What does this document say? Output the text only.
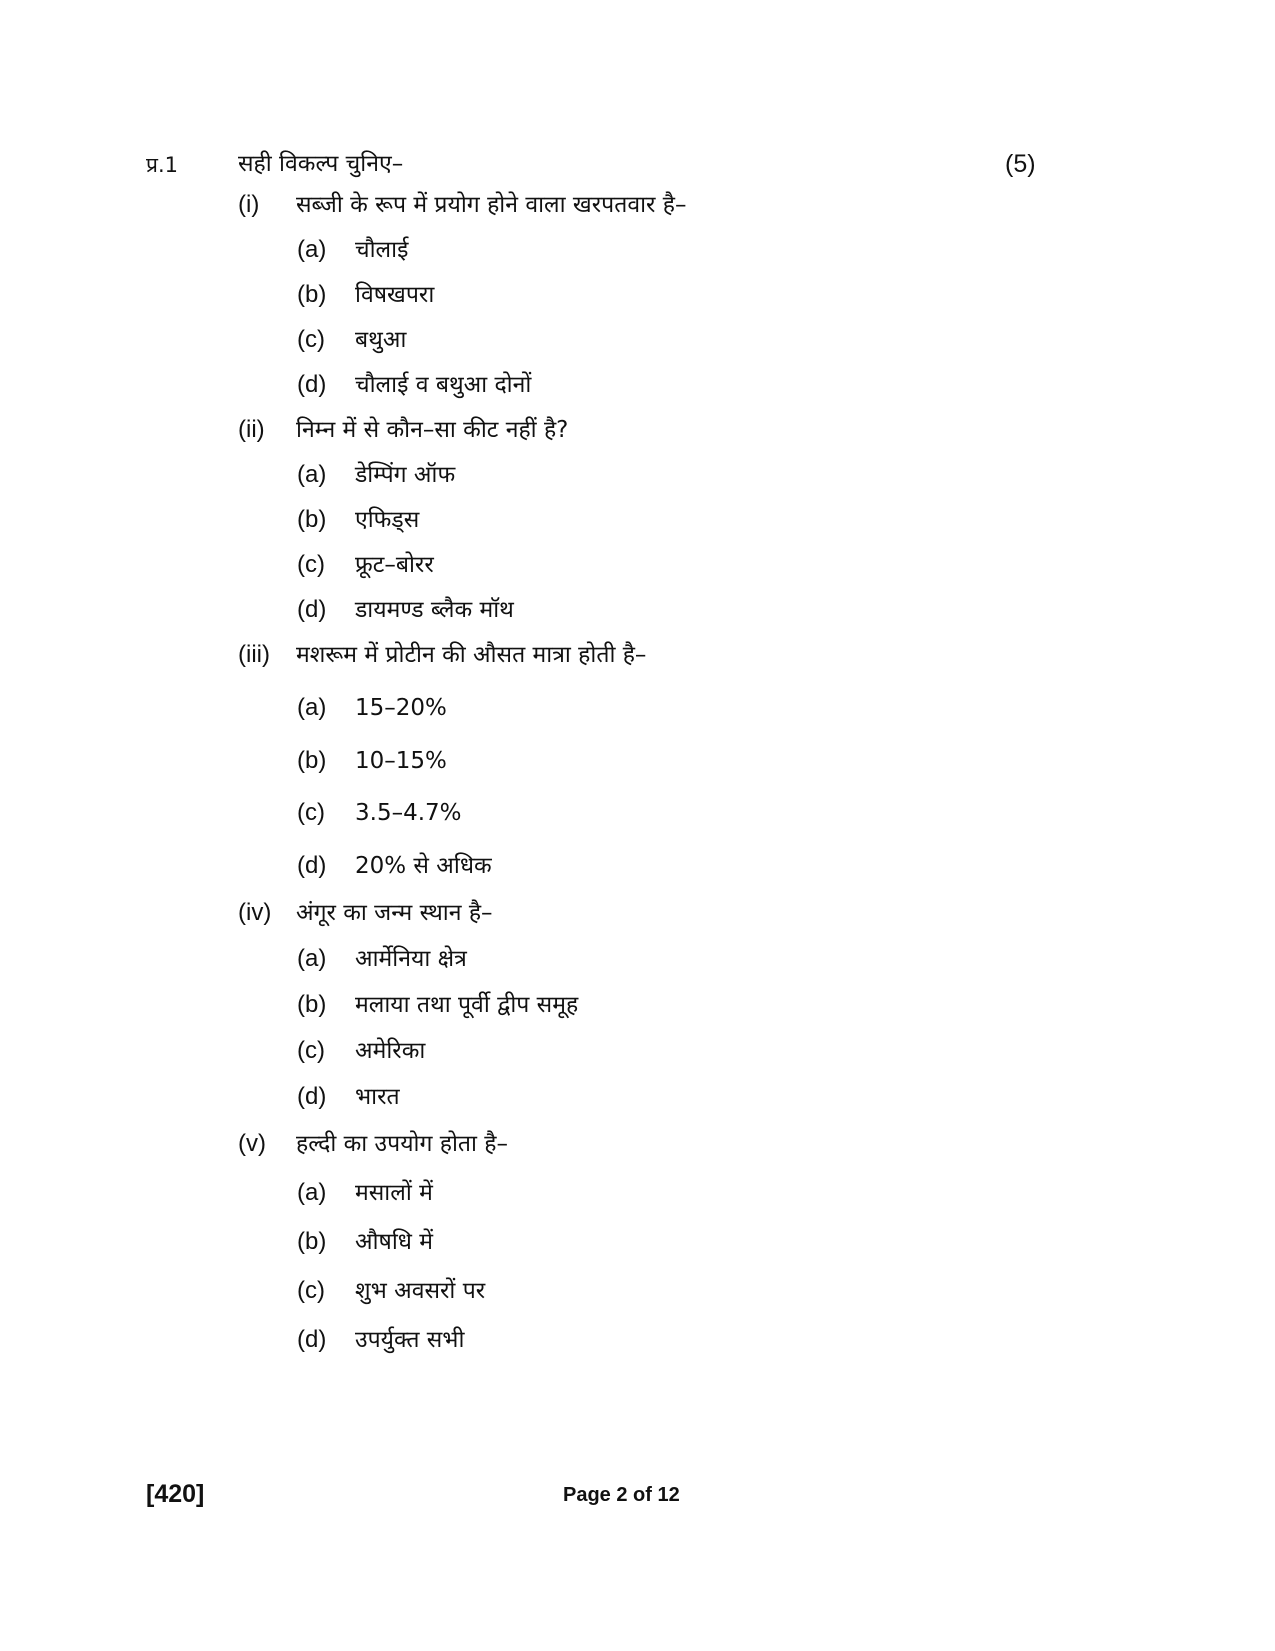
प्र.1	सही विकल्प चुनिए–	(5)
(i) सब्जी के रूप में प्रयोग होने वाला खरपतवार है–
(a) चौलाई
(b) विषखपरा
(c) बथुआ
(d) चौलाई व बथुआ दोनों
(ii) निम्न में से कौन–सा कीट नहीं है?
(a) डेम्पिंग ऑफ
(b) एफिड्स
(c) फ्रूट–बोरर
(d) डायमण्ड ब्लैक मॉथ
(iii) मशरूम में प्रोटीन की औसत मात्रा होती है–
(a) 15–20%
(b) 10–15%
(c) 3.5–4.7%
(d) 20% से अधिक
(iv) अंगूर का जन्म स्थान है–
(a) आर्मेनिया क्षेत्र
(b) मलाया तथा पूर्वी द्वीप समूह
(c) अमेरिका
(d) भारत
(v) हल्दी का उपयोग होता है–
(a) मसालों में
(b) औषधि में
(c) शुभ अवसरों पर
(d) उपर्युक्त सभी
[420]	Page 2 of 12
